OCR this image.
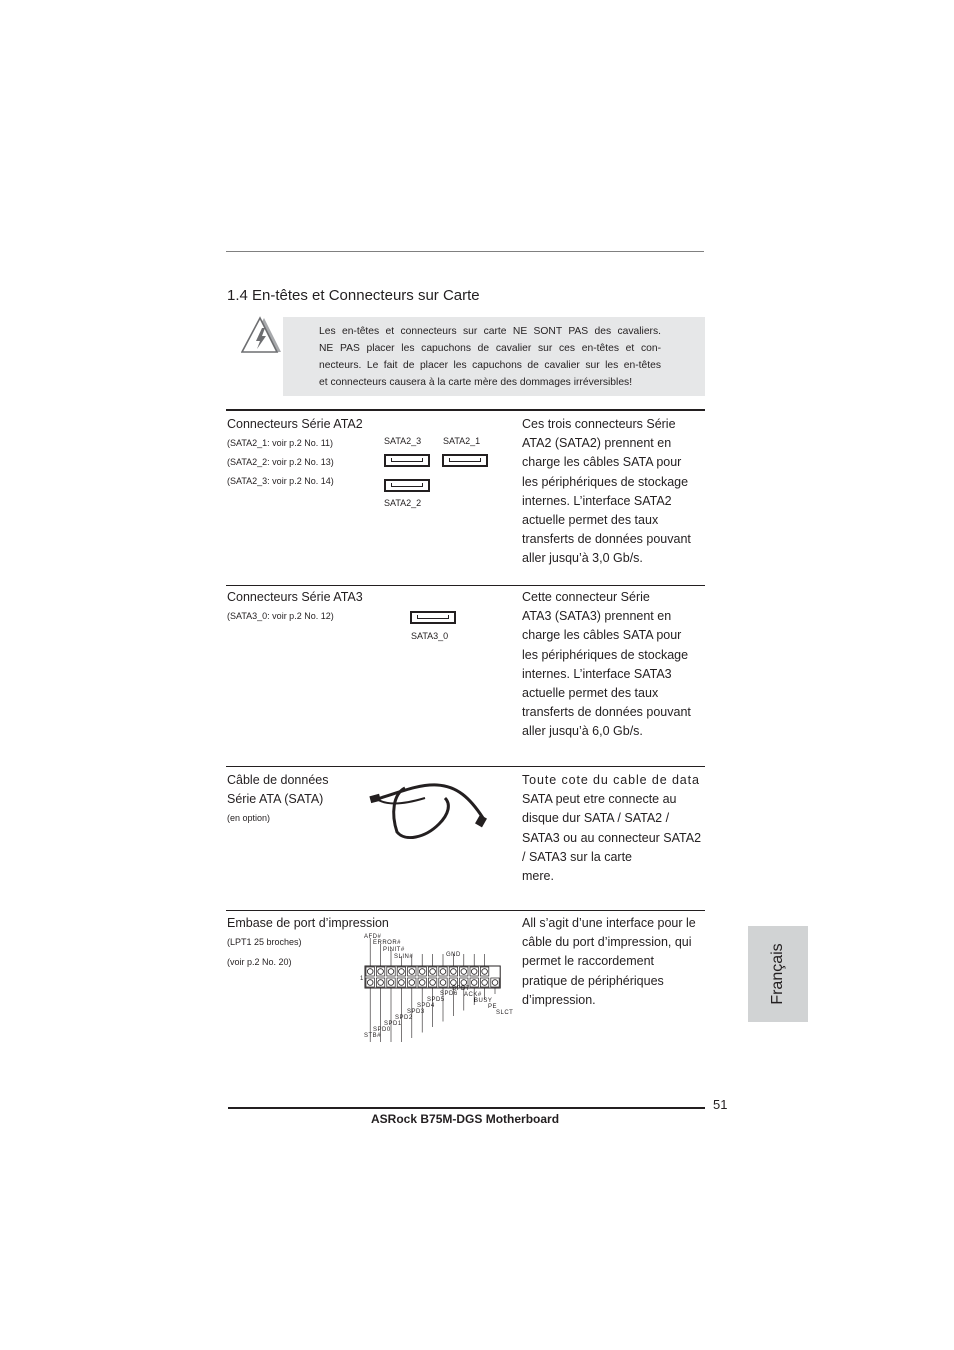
1.4 En-têtes et Connecteurs sur Carte
Les en-têtes et connecteurs sur carte NE SONT PAS des cavaliers.
NE PAS placer les capuchons de cavalier sur ces en-têtes et con-
necteurs. Le fait de placer les capuchons de cavalier sur les en-têtes
et connecteurs causera à la carte mère des dommages irréversibles!
Connecteurs Série ATA2
(SATA2_1: voir p.2 No. 11)
(SATA2_2: voir p.2 No. 13)
(SATA2_3: voir p.2 No. 14)
SATA2_3 SATA2_1
SATA2_2
Ces trois connecteurs Série
ATA2 (SATA2) prennent en
charge les câbles SATA pour
les périphériques de stockage
internes. L’interface SATA2
actuelle permet des taux
transferts de données pouvant
aller jusqu’à 3,0 Gb/s.
Connecteurs Série ATA3
(SATA3_0: voir p.2 No. 12)
SATA3_0
Cette connecteur Série
ATA3 (SATA3) prennent en
charge les câbles SATA pour
les périphériques de stockage
internes. L’interface SATA3
actuelle permet des taux
transferts de données pouvant
aller jusqu’à 6,0 Gb/s.
Câble de données
Série ATA (SATA)
(en option)
Toute cote du cable de data
SATA peut etre connecte au
disque dur SATA / SATA2 /
SATA3 ou au connecteur SATA2
/ SATA3 sur la carte
mere.
Embase de port d’impression
(LPT1 25 broches)
(voir p.2 No. 20)
AFD#
ERROR#
PINIT#
SLIN#	GND
1
SPD7
ACK#
BUSY
PE
SLCT
SPD6
SPD5
SPD4
SPD3
SPD2
SPD1
SPD0
STB#
All s’agit d’une interface pour le
câble du port d’impression, qui
permet le raccordement
pratique de périphériques
d’impression.	Français
51
ASRock B75M-DGS Motherboard
